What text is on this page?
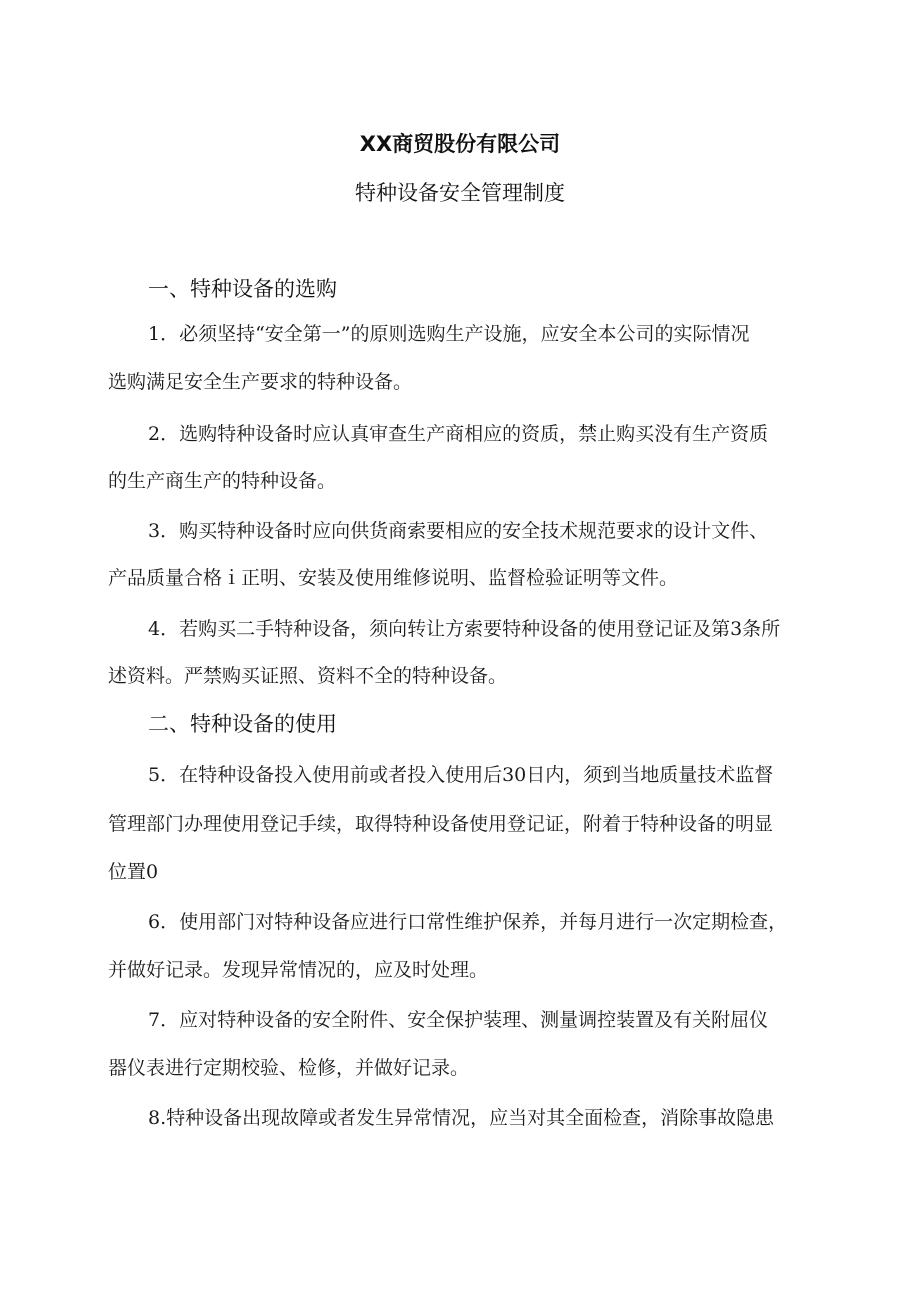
XX商贸股份有限公司
特种设备安全管理制度
一、特种设备的选购
1．必须坚持“安全第一”的原则选购生产设施，应安全本公司的实际情况
选购满足安全生产要求的特种设备。
2．选购特种设备时应认真审查生产商相应的资质，禁止购买没有生产资质
的生产商生产的特种设备。
3．购买特种设备时应向供货商索要相应的安全技术规范要求的设计文件、
产品质量合格ｉ正明、安装及使用维修说明、监督检验证明等文件。
4．若购买二手特种设备，须向转让方索要特种设备的使用登记证及第3条所
述资料。严禁购买证照、资料不全的特种设备。
二、特种设备的使用
5．在特种设备投入使用前或者投入使用后30日内，须到当地质量技术监督
管理部门办理使用登记手续，取得特种设备使用登记证，附着于特种设备的明显
位置0
6．使用部门对特种设备应进行口常性维护保养，并每月进行一次定期检查，
并做好记录。发现异常情况的，应及时处理。
7．应对特种设备的安全附件、安全保护装理、测量调控装置及有关附屈仪
器仪表进行定期校验、检修，并做好记录。
8.特种设备出现故障或者发生异常情况，应当对其全面检查，消除事故隐患
